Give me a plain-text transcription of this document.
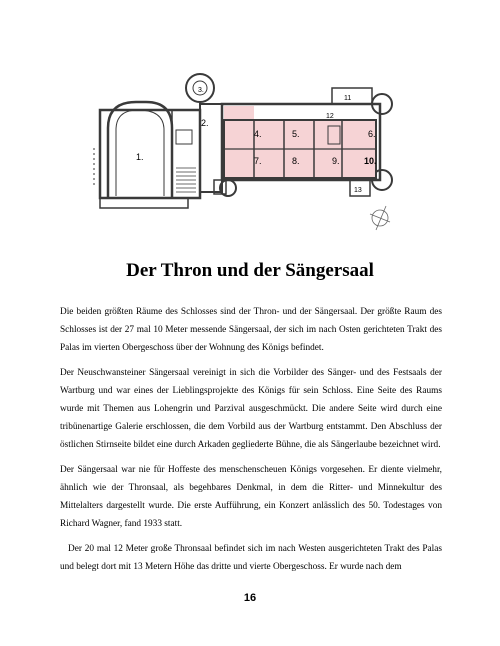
1.
2.
3.
4.	5.	6.
7.	8.	9.	10.
11
12
13
Der Thron und der Sängersaal

Die beiden größten Räume des Schlosses sind der Thron- und der Sängersaal. Der größte Raum des Schlosses ist der 27 mal 10 Meter messende Sängersaal, der sich im nach Osten gerichteten Trakt des Palas im vierten Obergeschoss über der Wohnung des Königs befindet.

Der Neuschwansteiner Sängersaal vereinigt in sich die Vorbilder des Sänger- und des Festsaals der Wartburg und war eines der Lieblingsprojekte des Königs für sein Schloss. Eine Seite des Raums wurde mit Themen aus Lohengrin und Parzival ausgeschmückt. Die andere Seite wird durch eine tribünenartige Galerie erschlossen, die dem Vorbild aus der Wartburg entstammt. Den Abschluss der östlichen Stirnseite bildet eine durch Arkaden gegliederte Bühne, die als Sängerlaube bezeichnet wird.

Der Sängersaal war nie für Hoffeste des menschenscheuen Königs vorgesehen. Er diente vielmehr, ähnlich wie der Thronsaal, als begehbares Denkmal, in dem die Ritter- und Minnekultur des Mittelalters dargestellt wurde. Die erste Aufführung, ein Konzert anlässlich des 50. Todestages von Richard Wagner, fand 1933 statt.

Der 20 mal 12 Meter große Thronsaal befindet sich im nach Westen ausgerichteten Trakt des Palas und belegt dort mit 13 Metern Höhe das dritte und vierte Obergeschoss. Er wurde nach dem

16
